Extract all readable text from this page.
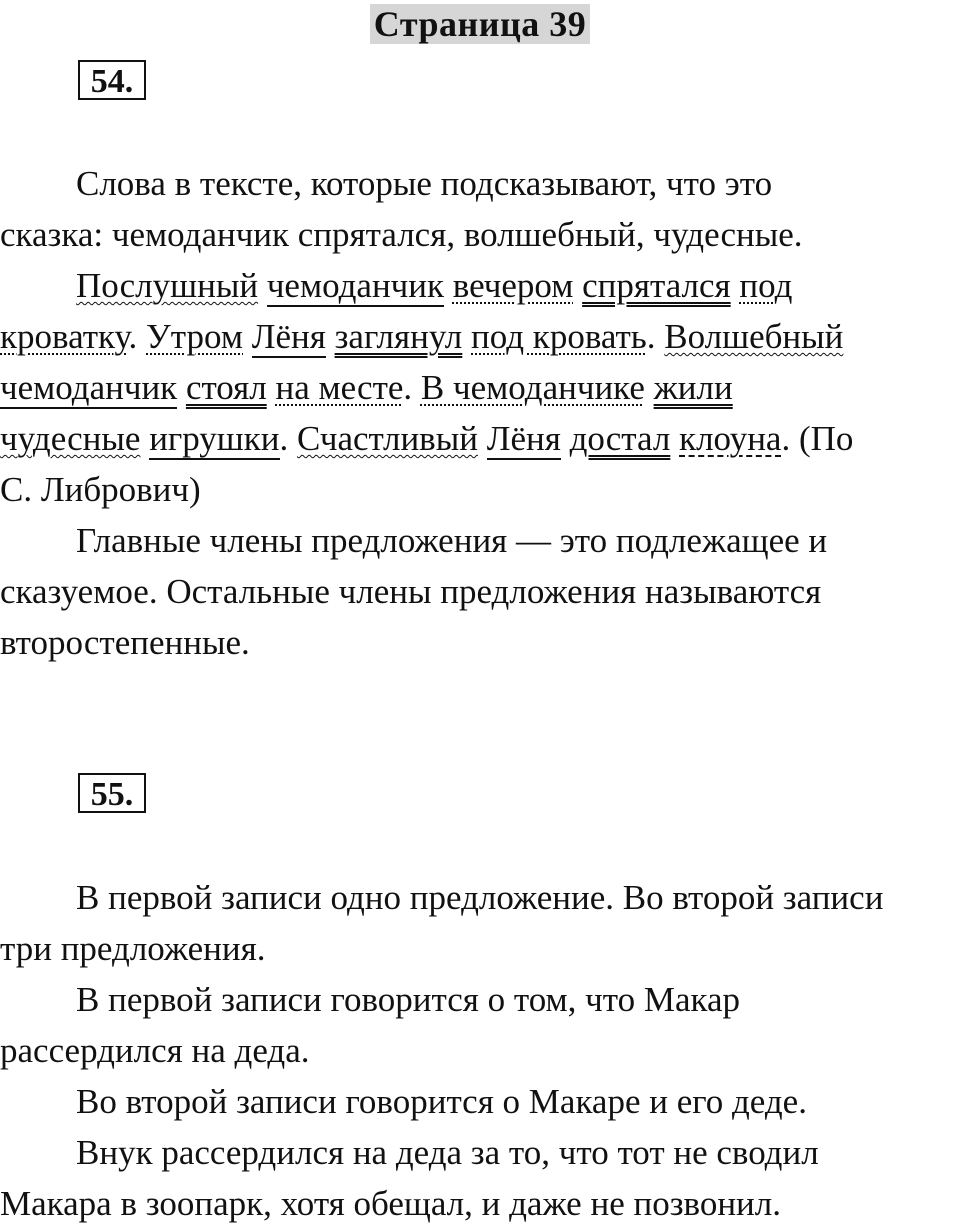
Страница 39
54.

Слова в тексте, которые подсказывают, что это

сказка: чемоданчик спрятался, волшебный, чудесные.

Послушный чемоданчик вечером спрятался под

кроватку. Утром Лёня заглянул под кровать. Волшебный

чемоданчик стоял на месте. В чемоданчике жили

чудесные игрушки. Счастливый Лёня достал клоуна. (По

С. Либрович)

Главные члены предложения — это подлежащее и

сказуемое. Остальные члены предложения называются

второстепенные.

55.

В первой записи одно предложение. Во второй записи

три предложения.

В первой записи говорится о том, что Макар

рассердился на деда.

Во второй записи говорится о Макаре и его деде.

Внук рассердился на деда за то, что тот не сводил

Макара в зоопарк, хотя обещал, и даже не позвонил.
